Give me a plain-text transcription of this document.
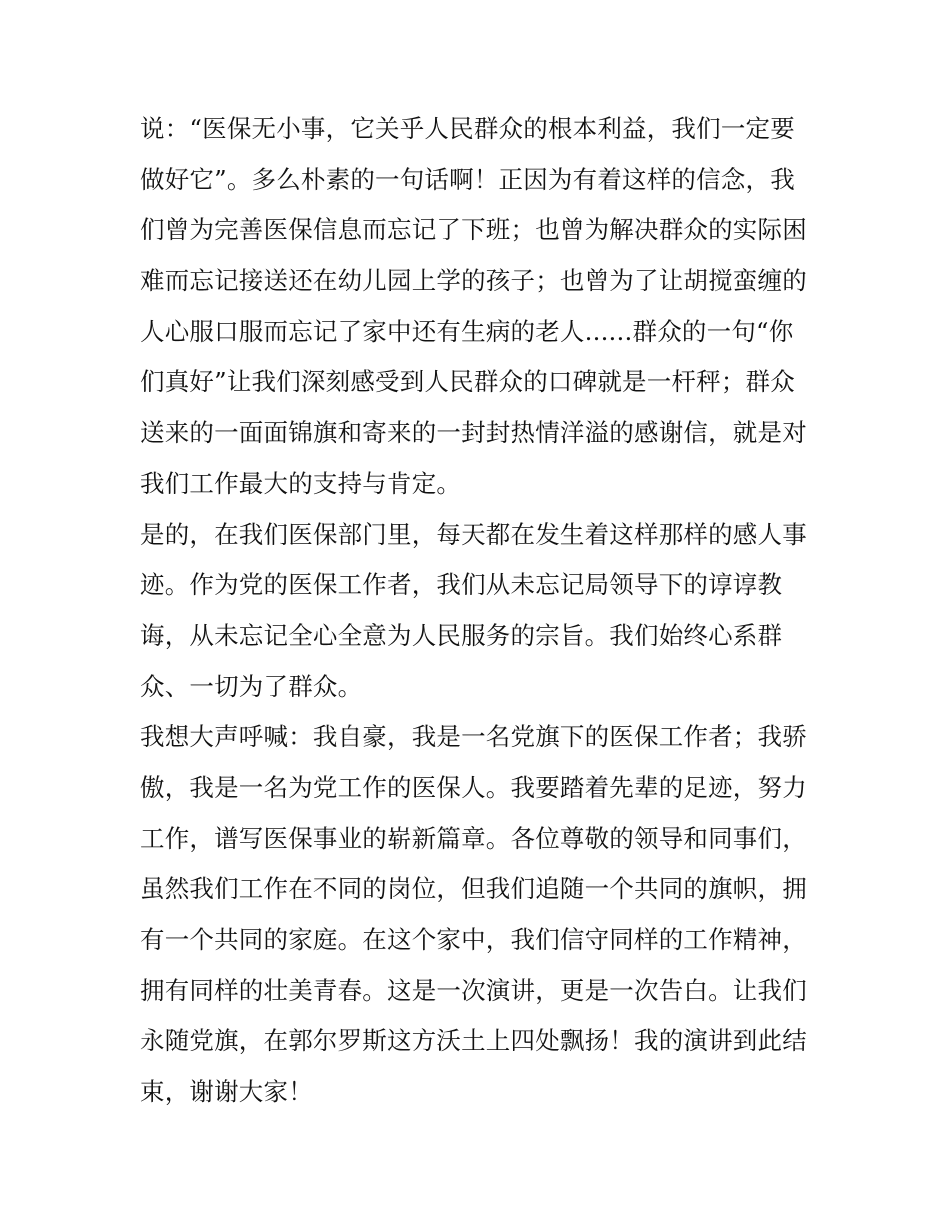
说：“医保无小事，它关乎人民群众的根本利益，我们一定要
做好它”。多么朴素的一句话啊！正因为有着这样的信念，我
们曾为完善医保信息而忘记了下班；也曾为解决群众的实际困
难而忘记接送还在幼儿园上学的孩子；也曾为了让胡搅蛮缠的
人心服口服而忘记了家中还有生病的老人......群众的一句“你
们真好”让我们深刻感受到人民群众的口碑就是一杆秤；群众
送来的一面面锦旗和寄来的一封封热情洋溢的感谢信，就是对
我们工作最大的支持与肯定。
是的，在我们医保部门里，每天都在发生着这样那样的感人事
迹。作为党的医保工作者，我们从未忘记局领导下的谆谆教
诲，从未忘记全心全意为人民服务的宗旨。我们始终心系群
众、一切为了群众。
我想大声呼喊：我自豪，我是一名党旗下的医保工作者；我骄
傲，我是一名为党工作的医保人。我要踏着先辈的足迹，努力
工作，谱写医保事业的崭新篇章。各位尊敬的领导和同事们，
虽然我们工作在不同的岗位，但我们追随一个共同的旗帜，拥
有一个共同的家庭。在这个家中，我们信守同样的工作精神，
拥有同样的壮美青春。这是一次演讲，更是一次告白。让我们
永随党旗，在郭尔罗斯这方沃土上四处飘扬！我的演讲到此结
束，谢谢大家！
